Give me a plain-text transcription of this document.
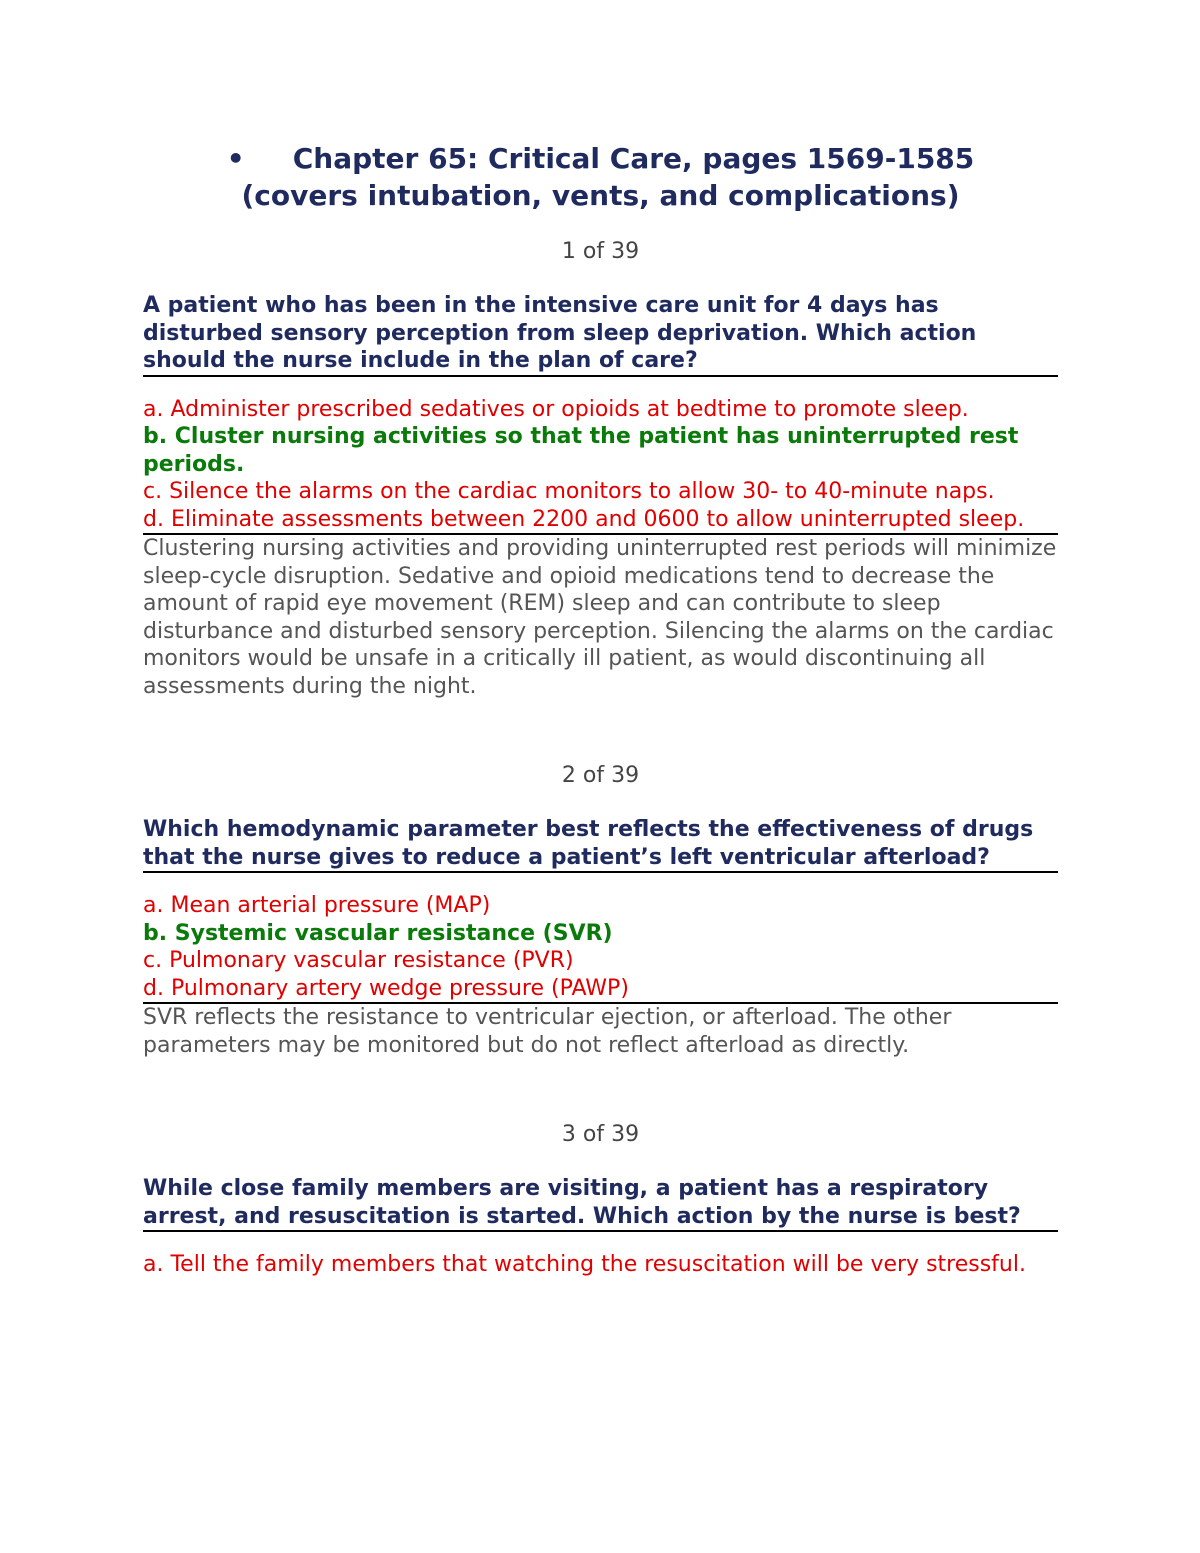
• Chapter 65: Critical Care, pages 1569-1585

(covers intubation, vents, and complications)

1 of 39
A patient who has been in the intensive care unit for 4 days has disturbed sensory perception from sleep deprivation. Which action should the nurse include in the plan of care?
a. Administer prescribed sedatives or opioids at bedtime to promote sleep.
b. Cluster nursing activities so that the patient has uninterrupted rest periods.
c. Silence the alarms on the cardiac monitors to allow 30- to 40-minute naps.
d. Eliminate assessments between 2200 and 0600 to allow uninterrupted sleep.
Clustering nursing activities and providing uninterrupted rest periods will minimize sleep-cycle disruption. Sedative and opioid medications tend to decrease the amount of rapid eye movement (REM) sleep and can contribute to sleep disturbance and disturbed sensory perception. Silencing the alarms on the cardiac monitors would be unsafe in a critically ill patient, as would discontinuing all assessments during the night.
2 of 39
Which hemodynamic parameter best reflects the effectiveness of drugs that the nurse gives to reduce a patient’s left ventricular afterload?
a. Mean arterial pressure (MAP)
b. Systemic vascular resistance (SVR)
c. Pulmonary vascular resistance (PVR)
d. Pulmonary artery wedge pressure (PAWP)
SVR reflects the resistance to ventricular ejection, or afterload. The other parameters may be monitored but do not reflect afterload as directly.
3 of 39
While close family members are visiting, a patient has a respiratory arrest, and resuscitation is started. Which action by the nurse is best?
a. Tell the family members that watching the resuscitation will be very stressful.
